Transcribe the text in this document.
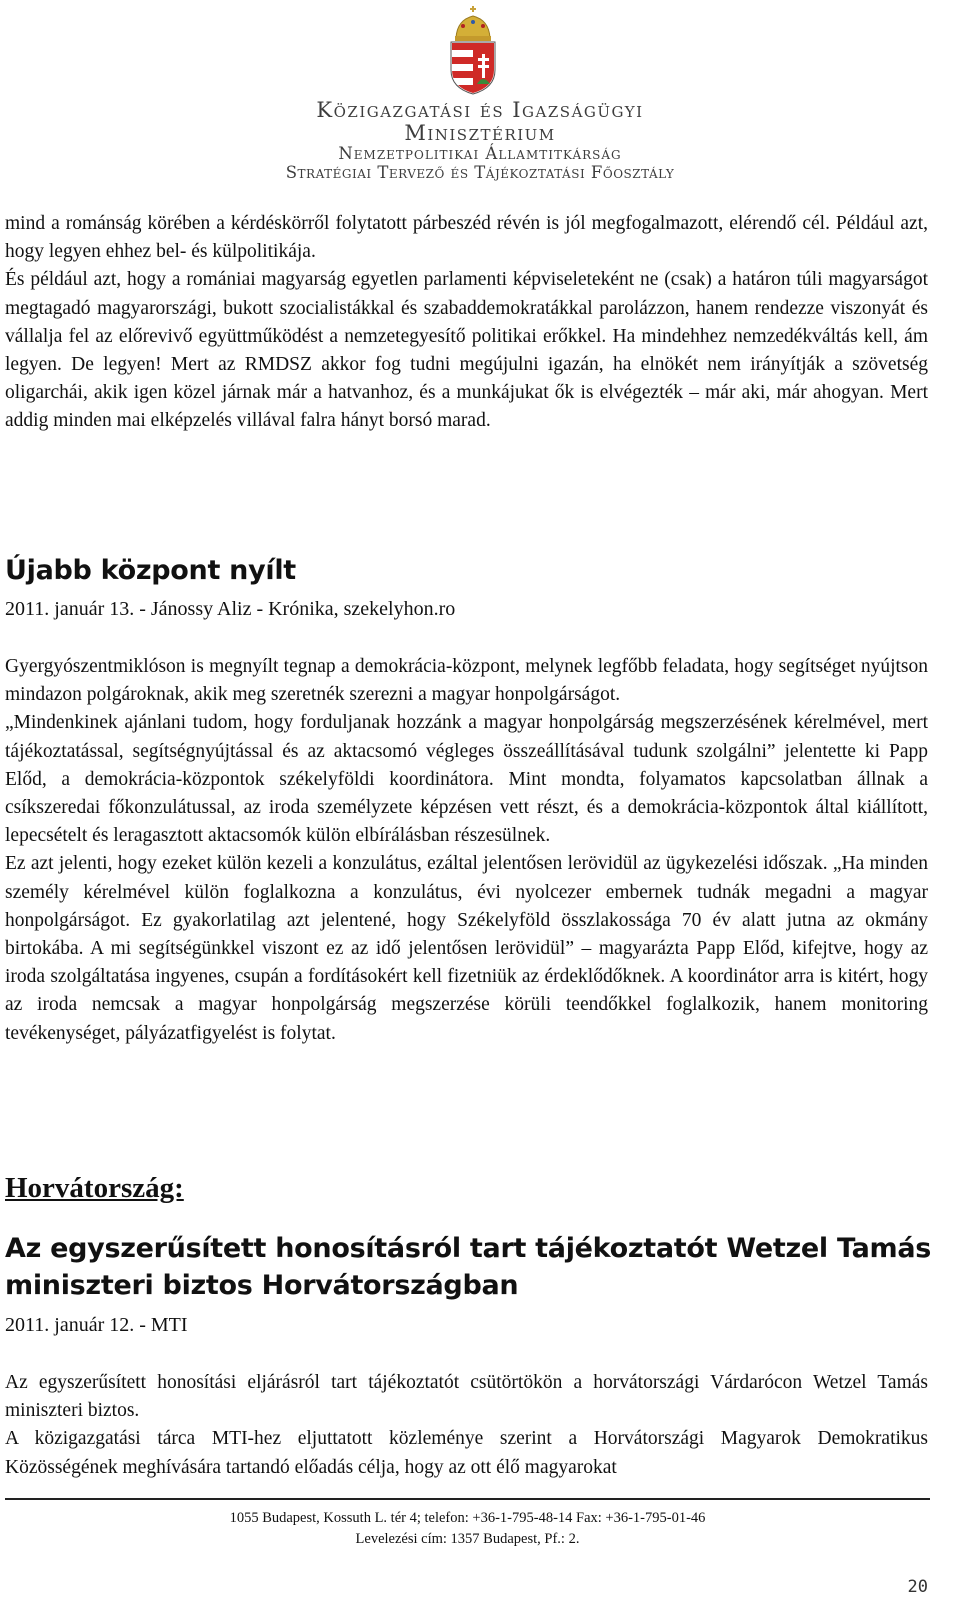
Közigazgatási és Igazságügyi
Minisztérium
Nemzetpolitikai Államtitkárság
Stratégiai Tervező és Tájékoztatási Főosztály

mind a románság körében a kérdéskörről folytatott párbeszéd révén is jól megfogalmazott, elérendő cél. Például azt, hogy legyen ehhez bel- és külpolitikája.

És például azt, hogy a romániai magyarság egyetlen parlamenti képviseleteként ne (csak) a határon túli magyarságot megtagadó magyarországi, bukott szocialistákkal és szabaddemokratákkal parolázzon, hanem rendezze viszonyát és vállalja fel az előrevivő együttműködést a nemzetegyesítő politikai erőkkel. Ha mindehhez nemzedékváltás kell, ám legyen. De legyen! Mert az RMDSZ akkor fog tudni megújulni igazán, ha elnökét nem irányítják a szövetség oligarchái, akik igen közel járnak már a hatvanhoz, és a munkájukat ők is elvégezték – már aki, már ahogyan. Mert addig minden mai elképzelés villával falra hányt borsó marad.

Újabb központ nyílt
2011. január 13. - Jánossy Aliz - Krónika, szekelyhon.ro

Gyergyószentmiklóson is megnyílt tegnap a demokrácia-központ, melynek legfőbb feladata, hogy segítséget nyújtson mindazon polgároknak, akik meg szeretnék szerezni a magyar honpolgárságot.

„Mindenkinek ajánlani tudom, hogy forduljanak hozzánk a magyar honpolgárság megszerzésének kérelmével, mert tájékoztatással, segítségnyújtással és az aktacsomó végleges összeállításával tudunk szolgálni” jelentette ki Papp Előd, a demokrácia-központok székelyföldi koordinátora. Mint mondta, folyamatos kapcsolatban állnak a csíkszeredai főkonzulátussal, az iroda személyzete képzésen vett részt, és a demokrácia-központok által kiállított, lepecsételt és leragasztott aktacsomók külön elbírálásban részesülnek.

Ez azt jelenti, hogy ezeket külön kezeli a konzulátus, ezáltal jelentősen lerövidül az ügykezelési időszak. „Ha minden személy kérelmével külön foglalkozna a konzulátus, évi nyolcezer embernek tudnák megadni a magyar honpolgárságot. Ez gyakorlatilag azt jelentené, hogy Székelyföld összlakossága 70 év alatt jutna az okmány birtokába. A mi segítségünkkel viszont ez az idő jelentősen lerövidül” – magyarázta Papp Előd, kifejtve, hogy az iroda szolgáltatása ingyenes, csupán a fordításokért kell fizetniük az érdeklődőknek. A koordinátor arra is kitért, hogy az iroda nemcsak a magyar honpolgárság megszerzése körüli teendőkkel foglalkozik, hanem monitoring tevékenységet, pályázatfigyelést is folytat.

Horvátország:
Az egyszerűsített honosításról tart tájékoztatót Wetzel Tamás miniszteri biztos Horvátországban
2011. január 12. - MTI

Az egyszerűsített honosítási eljárásról tart tájékoztatót csütörtökön a horvátországi Várdarócon Wetzel Tamás miniszteri biztos.

A közigazgatási tárca MTI-hez eljuttatott közleménye szerint a Horvátországi Magyarok Demokratikus Közösségének meghívására tartandó előadás célja, hogy az ott élő magyarokat

1055 Budapest, Kossuth L. tér 4; telefon: +36-1-795-48-14 Fax: +36-1-795-01-46
Levelezési cím: 1357 Budapest, Pf.: 2.
20
